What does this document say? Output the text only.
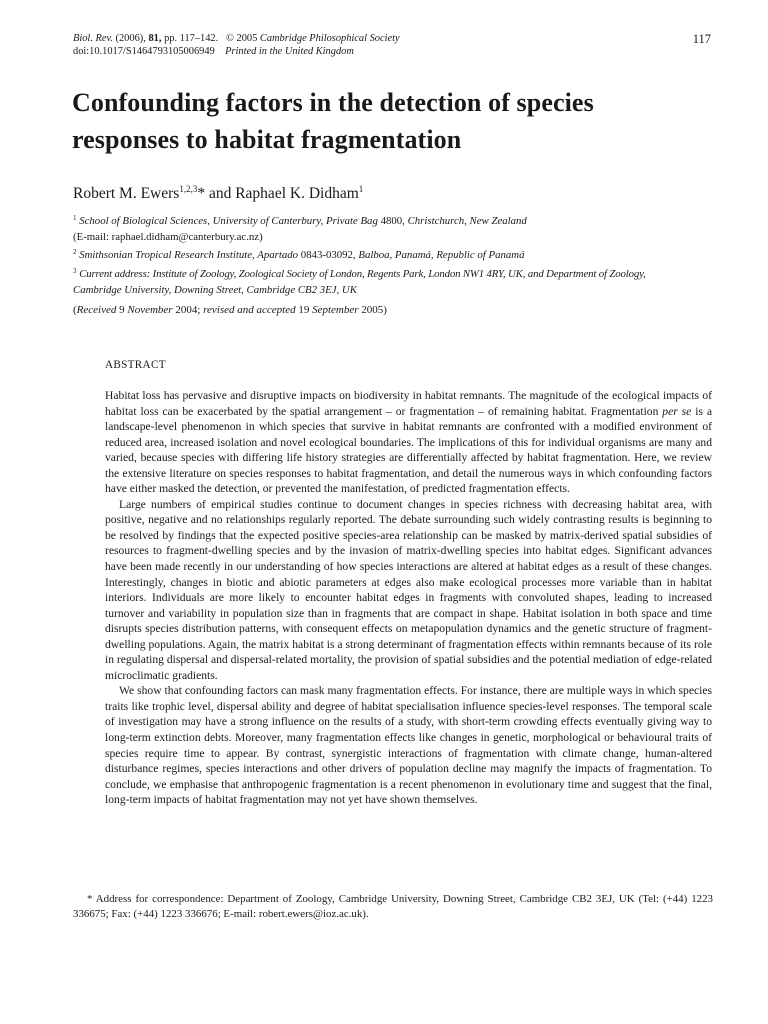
Biol. Rev. (2006), 81, pp. 117–142. © 2005 Cambridge Philosophical Society
doi:10.1017/S1464793105006949 Printed in the United Kingdom
117
Confounding factors in the detection of species
responses to habitat fragmentation
Robert M. Ewers$^{1,2,3}$* and Raphael K. Didham$^1$
$^1$ School of Biological Sciences, University of Canterbury, Private Bag 4800, Christchurch, New Zealand
(E-mail: raphael.didham@canterbury.ac.nz)
$^2$ Smithsonian Tropical Research Institute, Apartado 0843-03092, Balboa, Panamá, Republic of Panamá
$^3$ Current address: Institute of Zoology, Zoological Society of London, Regents Park, London NW1 4RY, UK, and Department of Zoology,
Cambridge University, Downing Street, Cambridge CB2 3EJ, UK
(Received 9 November 2004; revised and accepted 19 September 2005)
ABSTRACT

Habitat loss has pervasive and disruptive impacts on biodiversity in habitat remnants. The magnitude of the ecological impacts of habitat loss can be exacerbated by the spatial arrangement – or fragmentation – of remaining habitat. Fragmentation per se is a landscape-level phenomenon in which species that survive in habitat remnants are confronted with a modified environment of reduced area, increased isolation and novel ecological boundaries. The implications of this for individual organisms are many and varied, because species with differing life history strategies are differentially affected by habitat fragmentation. Here, we review the extensive literature on species responses to habitat fragmentation, and detail the numerous ways in which confounding factors have either masked the detection, or prevented the manifestation, of predicted fragmentation effects.

Large numbers of empirical studies continue to document changes in species richness with decreasing habitat area, with positive, negative and no relationships regularly reported. The debate surrounding such widely contrasting results is beginning to be resolved by findings that the expected positive species-area relationship can be masked by matrix-derived spatial subsidies of resources to fragment-dwelling species and by the invasion of matrix-dwelling species into habitat edges. Significant advances have been made recently in our understanding of how species interactions are altered at habitat edges as a result of these changes. Interestingly, changes in biotic and abiotic parameters at edges also make ecological processes more variable than in habitat interiors. Individuals are more likely to encounter habitat edges in fragments with convoluted shapes, leading to increased turnover and variability in population size than in fragments that are compact in shape. Habitat isolation in both space and time disrupts species distribution patterns, with consequent effects on metapopulation dynamics and the genetic structure of fragment-dwelling populations. Again, the matrix habitat is a strong determinant of fragmentation effects within remnants because of its role in regulating dispersal and dispersal-related mortality, the provision of spatial subsidies and the potential mediation of edge-related microclimatic gradients.

We show that confounding factors can mask many fragmentation effects. For instance, there are multiple ways in which species traits like trophic level, dispersal ability and degree of habitat specialisation influence species-level responses. The temporal scale of investigation may have a strong influence on the results of a study, with short-term crowding effects eventually giving way to long-term extinction debts. Moreover, many fragmentation effects like changes in genetic, morphological or behavioural traits of species require time to appear. By contrast, synergistic interactions of fragmentation with climate change, human-altered disturbance regimes, species interactions and other drivers of population decline may magnify the impacts of fragmentation. To conclude, we emphasise that anthropogenic fragmentation is a recent phenomenon in evolutionary time and suggest that the final, long-term impacts of habitat fragmentation may not yet have shown themselves.

* Address for correspondence: Department of Zoology, Cambridge University, Downing Street, Cambridge CB2 3EJ, UK (Tel: (+44) 1223 336675; Fax: (+44) 1223 336676; E-mail: robert.ewers@ioz.ac.uk).
